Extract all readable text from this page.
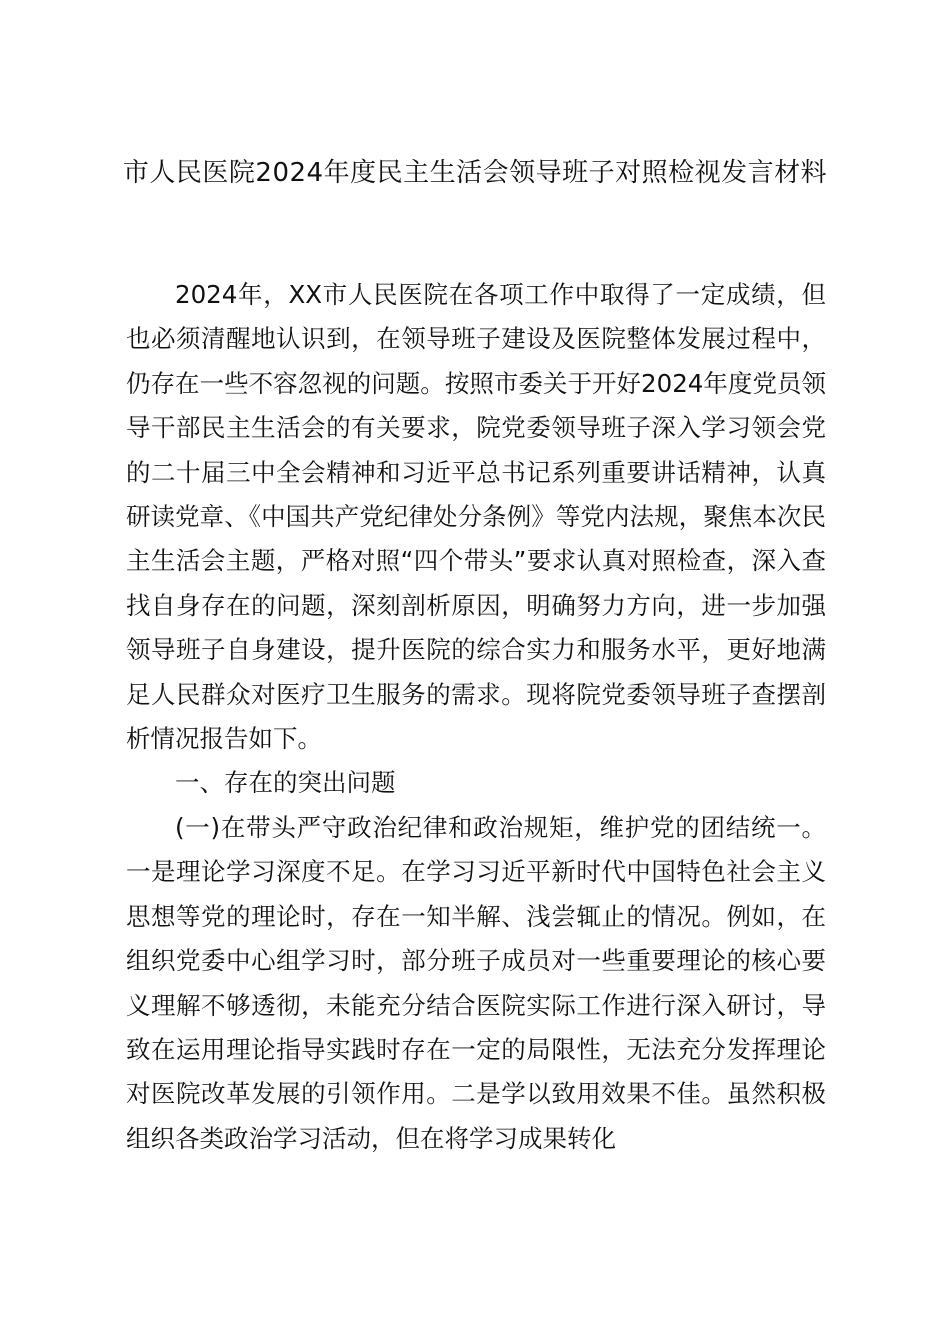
市人民医院2024年度民主生活会领导班子对照检视发言材料

2024年，XX市人民医院在各项工作中取得了一定成绩，但也必须清醒地认识到，在领导班子建设及医院整体发展过程中，仍存在一些不容忽视的问题。按照市委关于开好2024年度党员领导干部民主生活会的有关要求，院党委领导班子深入学习领会党的二十届三中全会精神和习近平总书记系列重要讲话精神，认真研读党章、《中国共产党纪律处分条例》等党内法规，聚焦本次民主生活会主题，严格对照“四个带头”要求认真对照检查，深入查找自身存在的问题，深刻剖析原因，明确努力方向，进一步加强领导班子自身建设，提升医院的综合实力和服务水平，更好地满足人民群众对医疗卫生服务的需求。现将院党委领导班子查摆剖析情况报告如下。

一、存在的突出问题

(一)在带头严守政治纪律和政治规矩，维护党的团结统一。一是理论学习深度不足。在学习习近平新时代中国特色社会主义思想等党的理论时，存在一知半解、浅尝辄止的情况。例如，在组织党委中心组学习时，部分班子成员对一些重要理论的核心要义理解不够透彻，未能充分结合医院实际工作进行深入研讨，导致在运用理论指导实践时存在一定的局限性，无法充分发挥理论对医院改革发展的引领作用。二是学以致用效果不佳。虽然积极组织各类政治学习活动，但在将学习成果转化
